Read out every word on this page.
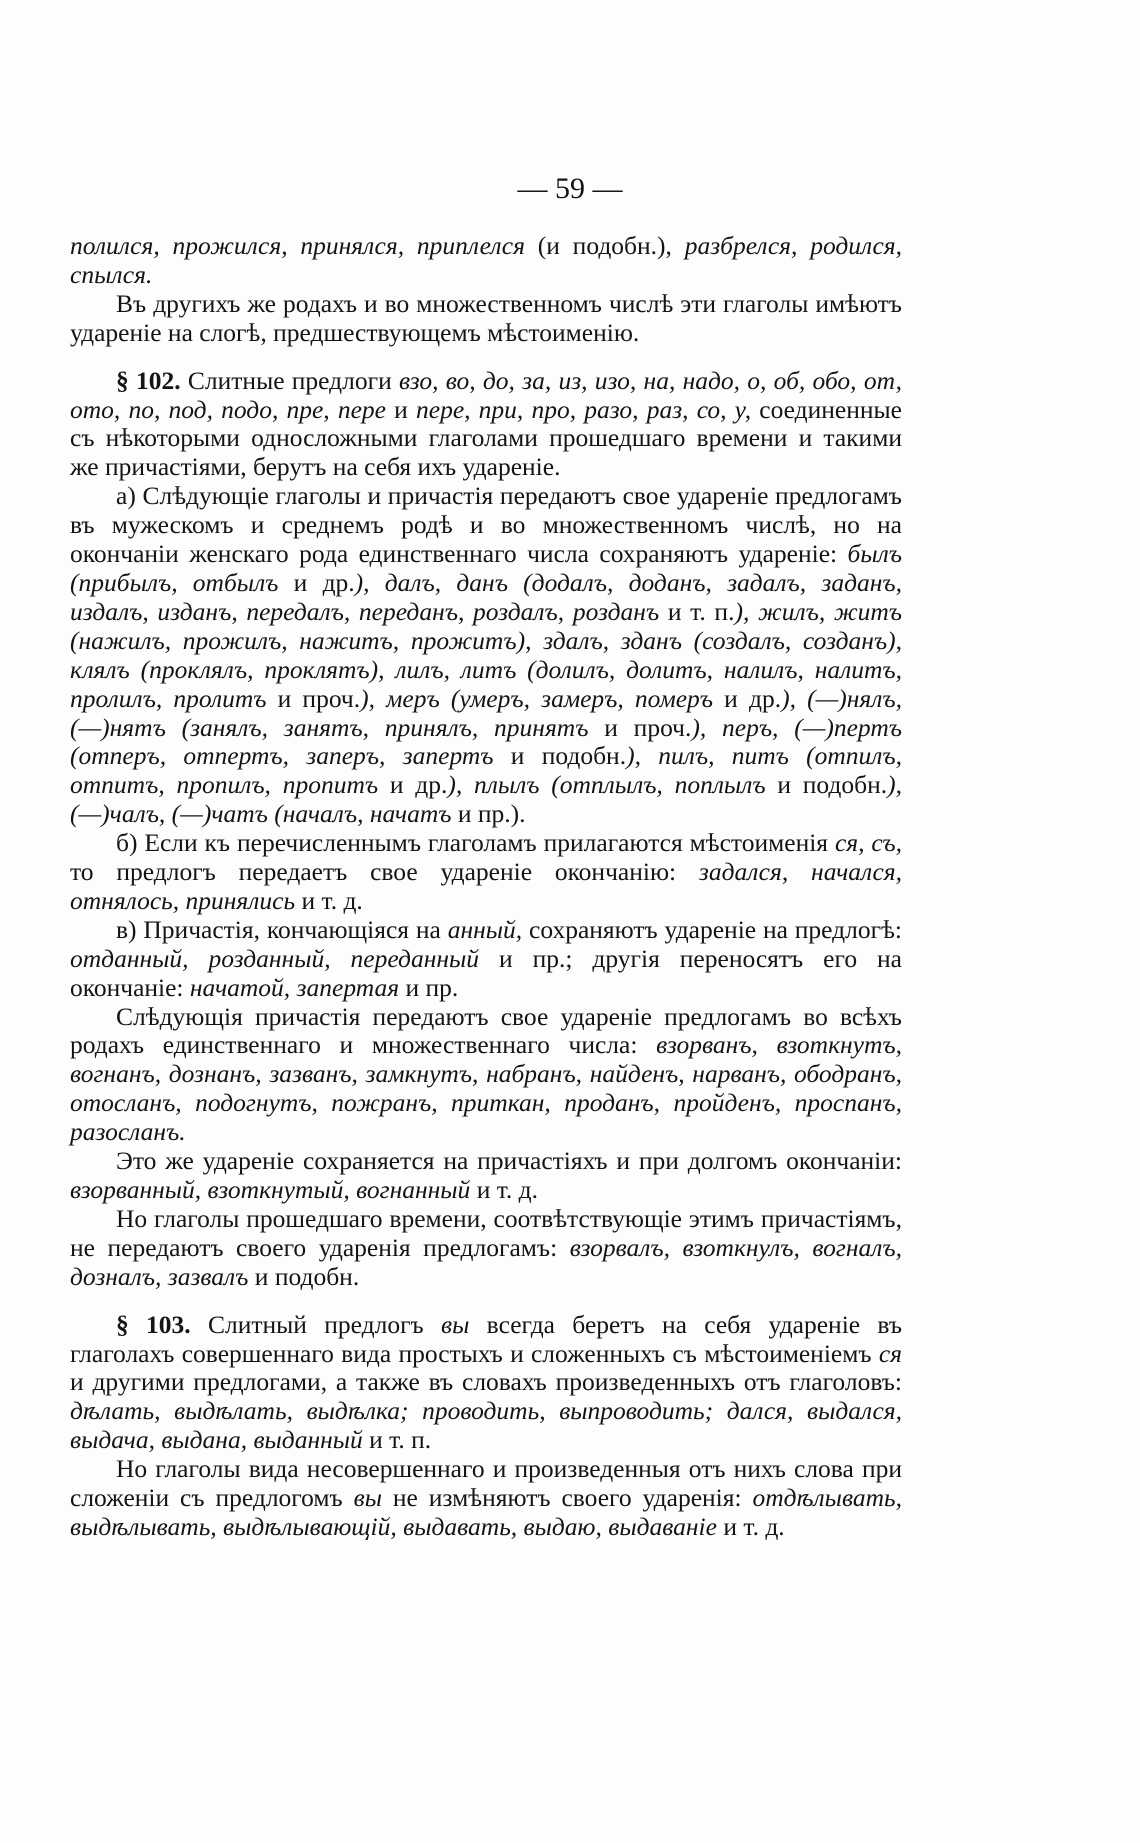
— 59 —

полился, прожился, принялся, приплелся (и подобн.), разбрелся, родился, спылся.

Въ другихъ же родахъ и во множественномъ числѣ эти глаголы имѣютъ удареніе на слогѣ, предшествующемъ мѣстоименію.

§ 102. Слитные предлоги взо, во, до, за, из, изо, на, надо, о, об, обо, от, ото, по, под, подо, пре, пере и пере, при, про, разо, раз, со, у, соединенные съ нѣкоторыми односложными глаголами прошедшаго времени и такими же причастіями, берутъ на себя ихъ удареніе.

а) Слѣдующіе глаголы и причастія передаютъ свое удареніе предлогамъ въ мужескомъ и среднемъ родѣ и во множественномъ числѣ, но на окончаніи женскаго рода единственнаго числа сохраняютъ удареніе: былъ (прибылъ, отбылъ и др.), далъ, данъ (додалъ, доданъ, задалъ, заданъ, издалъ, изданъ, передалъ, переданъ, роздалъ, розданъ и т. п.), жилъ, житъ (нажилъ, прожилъ, нажитъ, прожитъ), здалъ, зданъ (создалъ, созданъ), клялъ (проклялъ, проклятъ), лилъ, литъ (долилъ, долитъ, налилъ, налитъ, пролилъ, пролитъ и проч.), меръ (умеръ, замеръ, померъ и др.), (—)нялъ, (—)нятъ (занялъ, занятъ, принялъ, принятъ и проч.), перъ, (—)пертъ (отперъ, отпертъ, заперъ, запертъ и подобн.), пилъ, питъ (отпилъ, отпитъ, пропилъ, пропитъ и др.), плылъ (отплылъ, поплылъ и подобн.), (—)чалъ, (—)чатъ (началъ, начатъ и пр.).

б) Если къ перечисленнымъ глаголамъ прилагаются мѣстоименія ся, съ, то предлогъ передаетъ свое удареніе окончанію: задался, начался, отнялось, принялись и т. д.

в) Причастія, кончающіяся на анный, сохраняютъ удареніе на предлогѣ: отданный, розданный, переданный и пр.; другія переносятъ его на окончаніе: начатой, запертая и пр.

Слѣдующія причастія передаютъ свое удареніе предлогамъ во всѣхъ родахъ единственнаго и множественнаго числа: взорванъ, взоткнутъ, вогнанъ, дознанъ, зазванъ, замкнутъ, набранъ, найденъ, нарванъ, ободранъ, отосланъ, подогнутъ, пожранъ, приткан, проданъ, пройденъ, проспанъ, разосланъ.

Это же удареніе сохраняется на причастіяхъ и при долгомъ окончаніи: взорванный, взоткнутый, вогнанный и т. д.

Но глаголы прошедшаго времени, соотвѣтствующіе этимъ причастіямъ, не передаютъ своего ударенія предлогамъ: взорвалъ, взоткнулъ, вогналъ, дозналъ, зазвалъ и подобн.

§ 103. Слитный предлогъ вы всегда беретъ на себя удареніе въ глаголахъ совершеннаго вида простыхъ и сложенныхъ съ мѣстоименіемъ ся и другими предлогами, а также въ словахъ произведенныхъ отъ глаголовъ: дѣлать, выдѣлать, выдѣлка; проводить, выпроводить; дался, выдался, выдача, выдана, выданный и т. п.

Но глаголы вида несовершеннаго и произведенныя отъ нихъ слова при сложеніи съ предлогомъ вы не измѣняютъ своего ударенія: отдѣлывать, выдѣлывать, выдѣлывающій, выдавать, выдаю, выдаваніе и т. д.
